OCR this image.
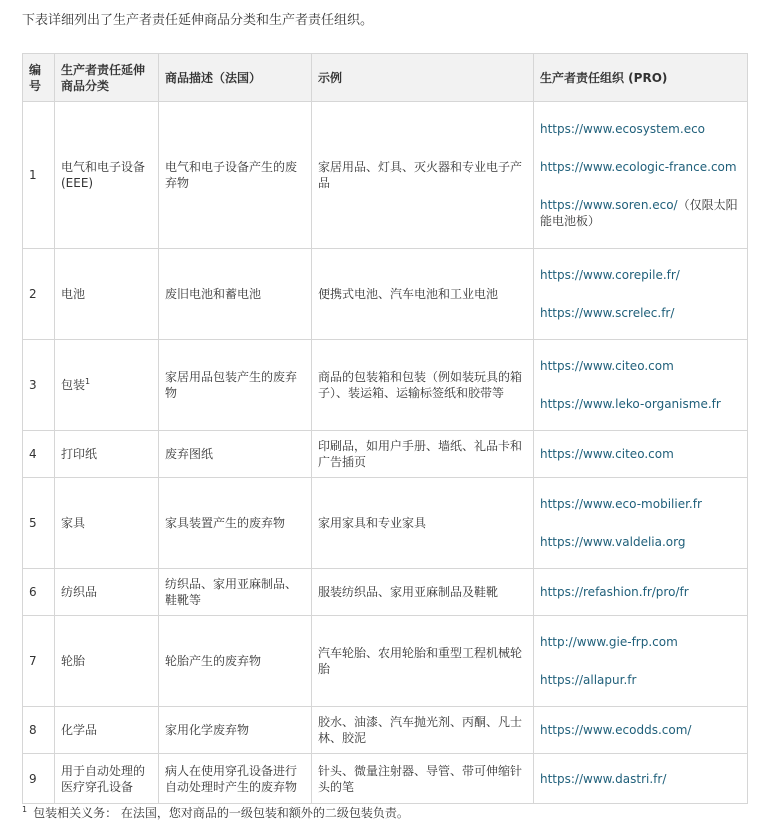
下表详细列出了生产者责任延伸商品分类和生产者责任组织。
编号	生产者责任延伸商品分类	商品描述（法国）	示例	生产者责任组织 (PRO)
1	电气和电子设备 (EEE)	电气和电子设备产生的废弃物	家居用品、灯具、灭火器和专业电子产品	https://www.ecosystem.eco
https://www.ecologic-france.com
https://www.soren.eco/（仅限太阳能电池板）

2	电池	废旧电池和蓄电池	便携式电池、汽车电池和工业电池	https://www.corepile.fr/
https://www.screlec.fr/

3	包装$^1$	家居用品包装产生的废弃物	商品的包装箱和包装（例如装玩具的箱子）、装运箱、运输标签纸和胶带等	https://www.citeo.com
https://www.leko-organisme.fr

4	打印纸	废弃图纸	印刷品，如用户手册、墙纸、礼品卡和广告插页	https://www.citeo.com

5	家具	家具装置产生的废弃物	家用家具和专业家具	https://www.eco-mobilier.fr
https://www.valdelia.org

6	纺织品	纺织品、家用亚麻制品、鞋靴等	服装纺织品、家用亚麻制品及鞋靴	https://refashion.fr/pro/fr

7	轮胎	轮胎产生的废弃物	汽车轮胎、农用轮胎和重型工程机械轮胎	http://www.gie-frp.com
https://allapur.fr

8	化学品	家用化学废弃物	胶水、油漆、汽车抛光剂、丙酮、凡士林、胶泥	https://www.ecodds.com/

9	用于自动处理的医疗穿孔设备	病人在使用穿孔设备进行自动处理时产生的废弃物	针头、微量注射器、导管、带可伸缩针头的笔	https://www.dastri.fr/
$^1$ 包装相关义务： 在法国，您对商品的一级包装和额外的二级包装负责。
